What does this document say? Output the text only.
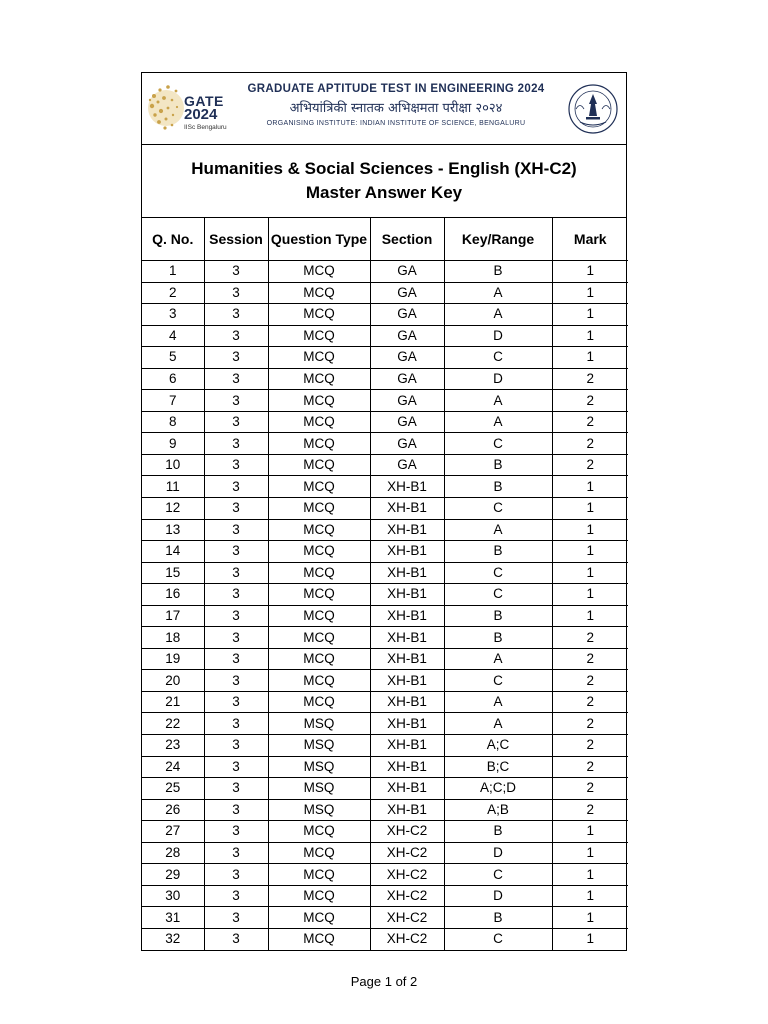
GATE
2024
IISc Bengaluru
GRADUATE APTITUDE TEST IN ENGINEERING 2024
अभियांत्रिकी स्नातक अभिक्षमता परीक्षा २०२४
ORGANISING INSTITUTE: INDIAN INSTITUTE OF SCIENCE, BENGALURU
Humanities & Social Sciences - English (XH-C2)
Master Answer Key
Q. No.	Session	Question Type	Section	Key/Range	Mark
1	3	MCQ	GA	B	1
2	3	MCQ	GA	A	1
3	3	MCQ	GA	A	1
4	3	MCQ	GA	D	1
5	3	MCQ	GA	C	1
6	3	MCQ	GA	D	2
7	3	MCQ	GA	A	2
8	3	MCQ	GA	A	2
9	3	MCQ	GA	C	2
10	3	MCQ	GA	B	2
11	3	MCQ	XH-B1	B	1
12	3	MCQ	XH-B1	C	1
13	3	MCQ	XH-B1	A	1
14	3	MCQ	XH-B1	B	1
15	3	MCQ	XH-B1	C	1
16	3	MCQ	XH-B1	C	1
17	3	MCQ	XH-B1	B	1
18	3	MCQ	XH-B1	B	2
19	3	MCQ	XH-B1	A	2
20	3	MCQ	XH-B1	C	2
21	3	MCQ	XH-B1	A	2
22	3	MSQ	XH-B1	A	2
23	3	MSQ	XH-B1	A;C	2
24	3	MSQ	XH-B1	B;C	2
25	3	MSQ	XH-B1	A;C;D	2
26	3	MSQ	XH-B1	A;B	2
27	3	MCQ	XH-C2	B	1
28	3	MCQ	XH-C2	D	1
29	3	MCQ	XH-C2	C	1
30	3	MCQ	XH-C2	D	1
31	3	MCQ	XH-C2	B	1
32	3	MCQ	XH-C2	C	1
Page 1 of 2
